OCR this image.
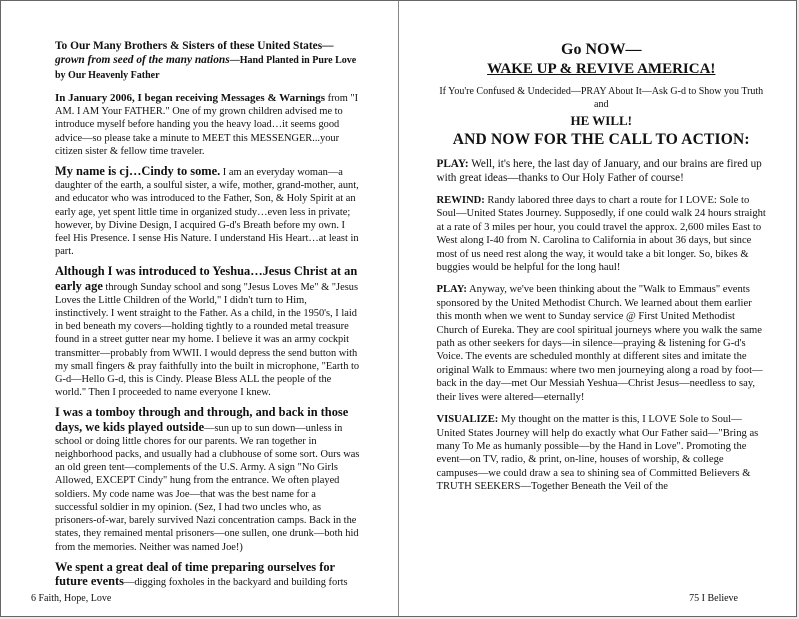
To Our Many Brothers & Sisters of these United States— grown from seed of the many nations—Hand Planted in Pure Love by Our Heavenly Father

In January 2006, I began receiving Messages & Warnings from "I AM. I AM Your FATHER." One of my grown children advised me to introduce myself before handing you the heavy load…it seems good advice—so please take a minute to MEET this MESSENGER...your citizen sister & fellow time traveler.

My name is cj…Cindy to some. I am an everyday woman—a daughter of the earth, a soulful sister, a wife, mother, grand-mother, aunt, and educator who was introduced to the Father, Son, & Holy Spirit at an early age, yet spent little time in organized study…even less in private; however, by Divine Design, I acquired G-d's Breath before my own. I feel His Presence. I sense His Nature. I understand His Heart…at least in part.

Although I was introduced to Yeshua…Jesus Christ at an early age through Sunday school and song "Jesus Loves Me" & "Jesus Loves the Little Children of the World," I didn't turn to Him, instinctively. I went straight to the Father. As a child, in the 1950's, I laid in bed beneath my covers—holding tightly to a rounded metal treasure found in a street gutter near my home. I believe it was an army cockpit transmitter—probably from WWII. I would depress the send button with my small fingers & pray faithfully into the built in microphone, "Earth to G-d—Hello G-d, this is Cindy. Please Bless ALL the people of the world." Then I proceeded to name everyone I knew.

I was a tomboy through and through, and back in those days, we kids played outside—sun up to sun down—unless in school or doing little chores for our parents. We ran together in neighborhood packs, and usually had a clubhouse of some sort. Ours was an old green tent—complements of the U.S. Army. A sign "No Girls Allowed, EXCEPT Cindy" hung from the entrance. We often played soldiers. My code name was Joe—that was the best name for a successful soldier in my opinion. (Sez, I had two uncles who, as prisoners-of-war, barely survived Nazi concentration camps. Back in the states, they remained mental prisoners—one sullen, one drunk—both hid from the memories. Neither was named Joe!)

We spent a great deal of time preparing ourselves for future events—digging foxholes in the backyard and building forts

6 Faith, Hope, Love
Go NOW—
WAKE UP & REVIVE AMERICA!
If You're Confused & Undecided—PRAY About It—Ask G-d to Show you Truth and
HE WILL!
AND NOW FOR THE CALL TO ACTION:

PLAY: Well, it's here, the last day of January, and our brains are fired up with great ideas—thanks to Our Holy Father of course!

REWIND: Randy labored three days to chart a route for I LOVE: Sole to Soul—United States Journey. Supposedly, if one could walk 24 hours straight at a rate of 3 miles per hour, you could travel the approx. 2,600 miles East to West along I-40 from N. Carolina to California in about 36 days, but since most of us need rest along the way, it would take a bit longer. So, bikes & buggies would be helpful for the long haul!

PLAY: Anyway, we've been thinking about the "Walk to Emmaus" events sponsored by the United Methodist Church. We learned about them earlier this month when we went to Sunday service @ First United Methodist Church of Eureka. They are cool spiritual journeys where you walk the same path as other seekers for days—in silence—praying & listening for G-d's Voice. The events are scheduled monthly at different sites and imitate the original Walk to Emmaus: where two men journeying along a road by foot—back in the day—met Our Messiah Yeshua—Christ Jesus—needless to say, their lives were altered—eternally!

VISUALIZE: My thought on the matter is this, I LOVE Sole to Soul—United States Journey will help do exactly what Our Father said—"Bring as many To Me as humanly possible—by the Hand in Love". Promoting the event—on TV, radio, & print, on-line, houses of worship, & college campuses—we could draw a sea to shining sea of Committed Believers & TRUTH SEEKERS—Together Beneath the Veil of the

75 I Believe
